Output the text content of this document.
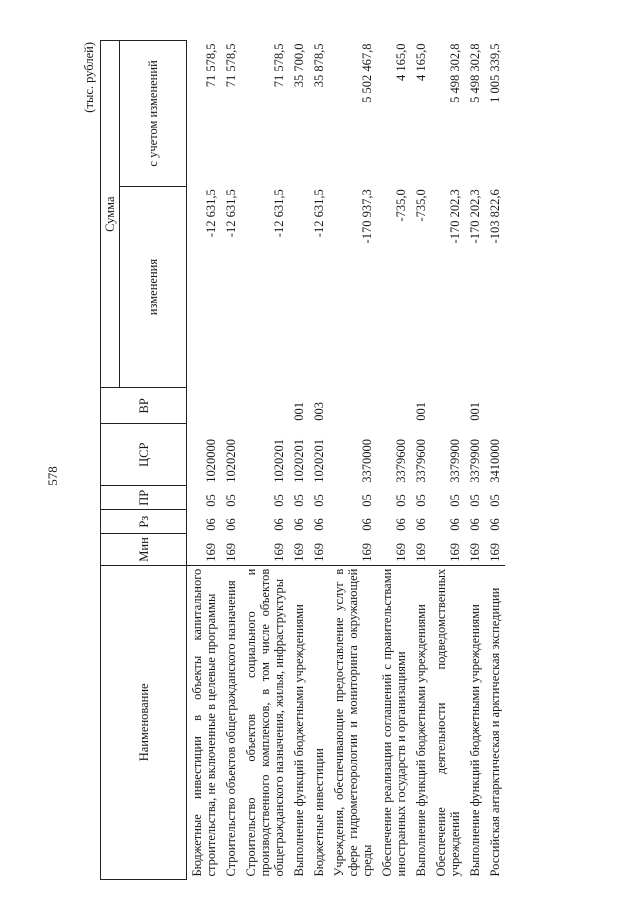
578
(тыс. рублей)
Наименование	Мин	Рз	ПР	ЦСР	ВР	Сумма	
						изменения	с учетом изменений
Бюджетные инвестиции в объекты капитального строительства, не включенные в целевые программы	169	06	05	1020000		-12 631,5	71 578,5
Строительство объектов общегражданского назначения	169	06	05	1020200		-12 631,5	71 578,5
Строительство объектов социального и производственного комплексов, в том числе объектов общегражданского назначения, жилья, инфраструктуры	169	06	05	1020201		-12 631,5	71 578,5
Выполнение функций бюджетными учреждениями	169	06	05	1020201	001		35 700,0
Бюджетные инвестиции	169	06	05	1020201	003	-12 631,5	35 878,5
Учреждения, обеспечивающие предоставление услуг в сфере гидрометеорологии и мониторинга окружающей среды	169	06	05	3370000		-170 937,3	5 502 467,8
Обеспечение реализации соглашений с правительствами иностранных государств и организациями	169	06	05	3379600		-735,0	4 165,0
Выполнение функций бюджетными учреждениями	169	06	05	3379600	001	-735,0	4 165,0
Обеспечение деятельности подведомственных учреждений	169	06	05	3379900		-170 202,3	5 498 302,8
Выполнение функций бюджетными учреждениями	169	06	05	3379900	001	-170 202,3	5 498 302,8
Российская антарктическая и арктическая экспедиции	169	06	05	3410000		-103 822,6	1 005 339,5
